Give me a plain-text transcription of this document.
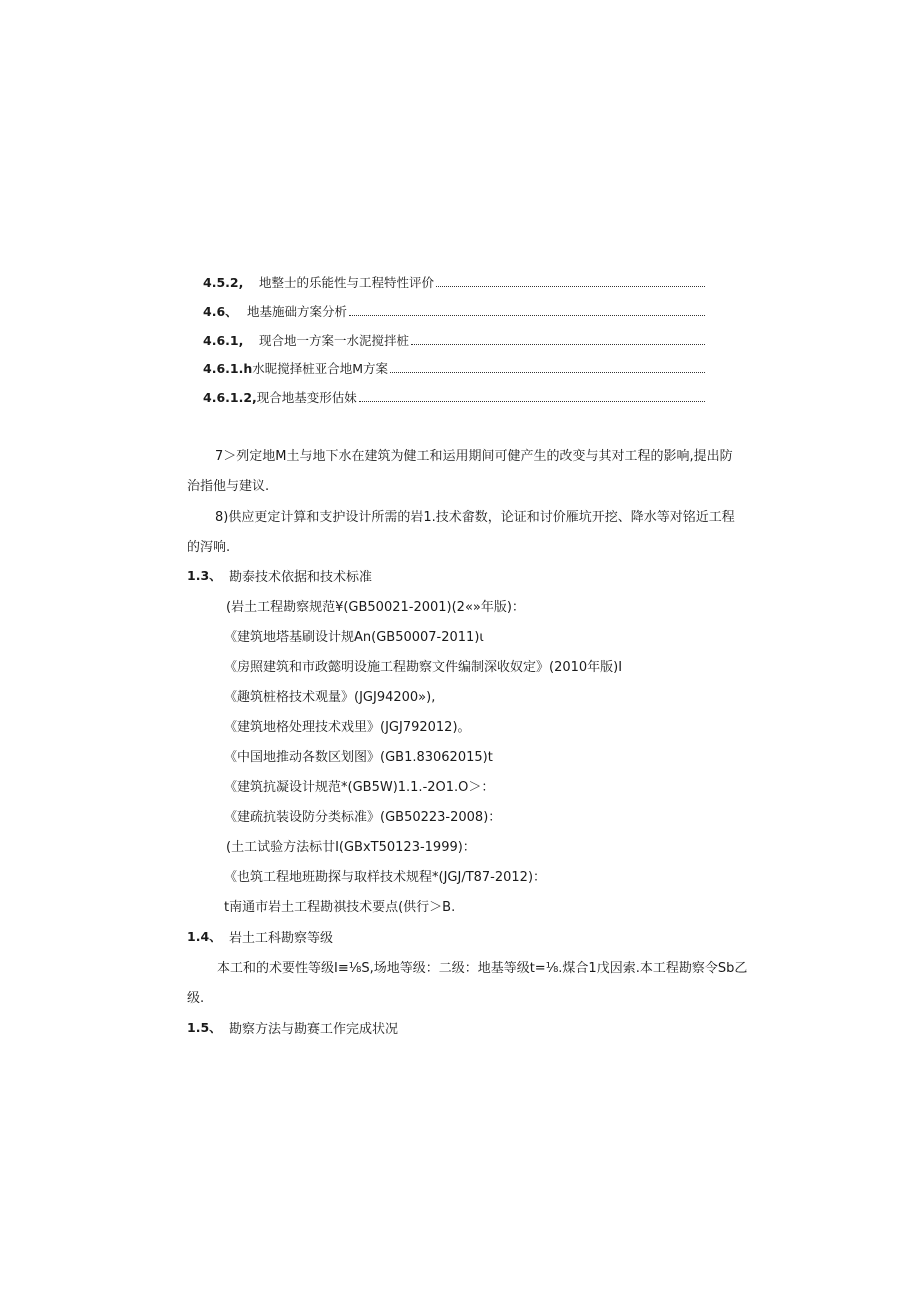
4.5.2,	地整士的乐能性与工程特性评价
4.6、 地基施础方案分析
4.6.1,	现合地一方案一水泥搅拌桩
4.6.1.h 水昵搅择桩亚合地M方案
4.6.1.2, 现合地基变形估妹
7＞列定地M土与地下水在建筑为健工和运用期间可健产生的改变与其对工程的影响,提出防
治指他与建议.
8)供应更定计算和支护设计所需的岩1.技术畲数，论证和讨价雁坑开挖、降水等对铭近工程
的泻响.
1.3、 勘泰技术依据和技术标准
(岩土工程勘察规范¥(GB50021-2001)(2«»年版)：
《建筑地塔基刷设计规An(GB50007-2011)ι
《房照建筑和市政懿明设施工程勘察文件编制深收奴定》(2010年版)I
《趣筑桩格技术观量》(JGJ94200»),
《建筑地格处理技术戏里》(JGJ792012)。
《中国地推动各数区划图》(GB1.83062015)t
《建筑抗凝设计规范*(GB5W)1.1.-2O1.O＞：
《建疏抗装设防分类标准》(GB50223-2008)：
(土工试验方法标廿I(GBxT50123-1999)：
《也筑工程地班勘探与取样技术规程*(JGJ∕T87-2012)：
t南通市岩土工程勘祺技术要点(供行＞B.
1.4、 岩土工科勘察等级
本工和的术要性等级I≡⅛S,场地等级：二级：地基等级t=⅛.煤合1戊因索.本工程勘察令Sb乙
级.
1.5、 勘察方法与勘赛工作完成状况
